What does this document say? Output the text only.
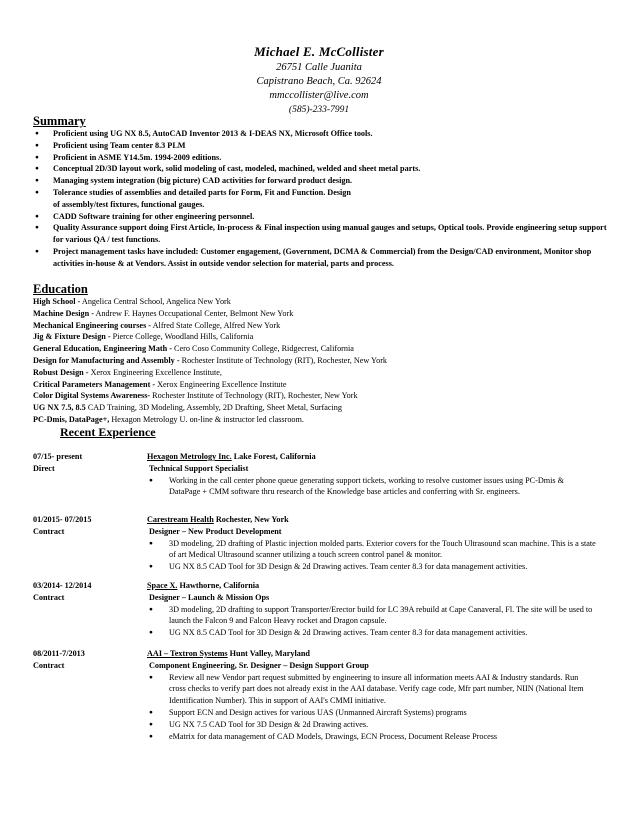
Michael E. McCollister
26751 Calle Juanita
Capistrano Beach, Ca. 92624
mmccollister@live.com
(585)-233-7991
Summary
● Proficient using UG NX 8.5, AutoCAD Inventor 2013 & I-DEAS NX, Microsoft Office tools.
● Proficient using Team center 8.3 PLM
● Proficient in ASME Y14.5m. 1994-2009 editions.
● Conceptual 2D/3D layout work, solid modeling of cast, modeled, machined, welded and sheet metal parts.
● Managing system integration (big picture) CAD activities for forward product design.
● Tolerance studies of assemblies and detailed parts for Form, Fit and Function. Design of assembly/test fixtures, functional gauges.
● CADD Software training for other engineering personnel.
● Quality Assurance support doing First Article, In-process & Final inspection using manual gauges and setups, Optical tools. Provide engineering setup support for various QA / test functions.
● Project management tasks have included: Customer engagement, (Government, DCMA & Commercial) from the Design/CAD environment, Monitor shop activities in-house & at Vendors. Assist in outside vendor selection for material, parts and process.
Education
High School - Angelica Central School, Angelica New York
Machine Design - Andrew F. Haynes Occupational Center, Belmont New York
Mechanical Engineering courses - Alfred State College, Alfred New York
Jig & Fixture Design - Pierce College, Woodland Hills, California
General Education, Engineering Math - Cero Coso Community College, Ridgecrest, California
Design for Manufacturing and Assembly - Rochester Institute of Technology (RIT), Rochester, New York
Robust Design - Xerox Engineering Excellence Institute,
Critical Parameters Management - Xerox Engineering Excellence Institute
Color Digital Systems Awareness- Rochester Institute of Technology (RIT), Rochester, New York
UG NX 7.5, 8.5 CAD Training, 3D Modeling, Assembly, 2D Drafting, Sheet Metal, Surfacing
PC-Dmis, DataPage+, Hexagon Metrology U. on-line & instructor led classroom.
Recent Experience
07/15- present
Direct
Hexagon Metrology Inc. Lake Forest, California
Technical Support Specialist
● Working in the call center phone queue generating support tickets, working to resolve customer issues using PC-Dmis & DataPage + CMM software thru research of the Knowledge base articles and conferring with Sr. engineers.
01/2015- 07/2015
Contract
Carestream Health Rochester, New York
Designer – New Product Development
● 3D modeling, 2D drafting of Plastic injection molded parts. Exterior covers for the Touch Ultrasound scan machine. This is a state of art Medical Ultrasound scanner utilizing a touch screen control panel & monitor.
● UG NX 8.5 CAD Tool for 3D Design & 2d Drawing actives. Team center 8.3 for data management activities.
03/2014- 12/2014
Contract
Space X. Hawthorne, California
Designer – Launch & Mission Ops
● 3D modeling, 2D drafting to support Transporter/Erector build for LC 39A rebuild at Cape Canaveral, Fl. The site will be used to launch the Falcon 9 and Falcon Heavy rocket and Dragon capsule.
● UG NX 8.5 CAD Tool for 3D Design & 2d Drawing actives. Team center 8.3 for data management activities.
08/2011-7/2013
Contract
AAI – Textron Systems Hunt Valley, Maryland
Component Engineering, Sr. Designer – Design Support Group
● Review all new Vendor part request submitted by engineering to insure all information meets AAI & Industry standards. Run cross checks to verify part does not already exist in the AAI database. Verify cage code, Mfr part number, NIIN (National Item Identification Number). This in support of AAI's CMMI initiative.
● Support ECN and Design actives for various UAS (Unmanned Aircraft Systems) programs
● UG NX 7.5 CAD Tool for 3D Design & 2d Drawing actives.
● eMatrix for data management of CAD Models, Drawings, ECN Process, Document Release Process
